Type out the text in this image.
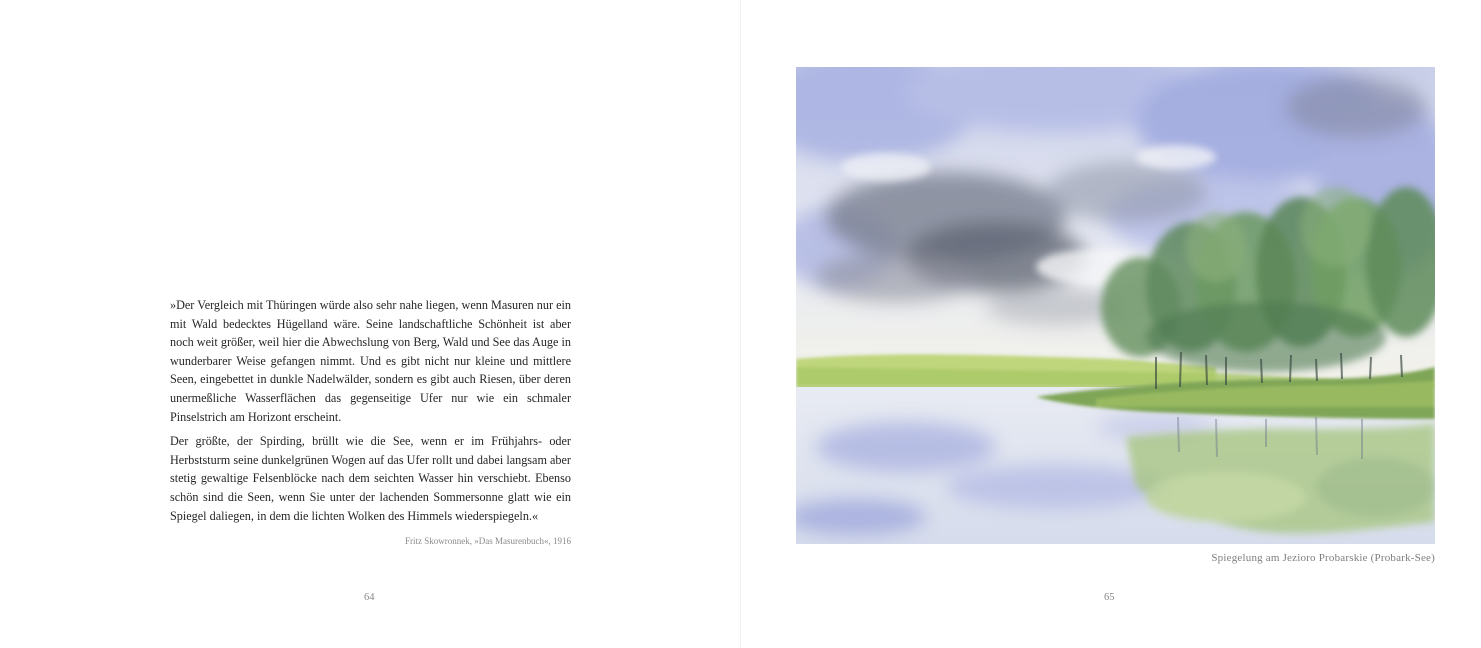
»Der Vergleich mit Thüringen würde also sehr nahe liegen, wenn Masuren nur ein mit Wald bedecktes Hügelland wäre. Seine landschaftliche Schönheit ist aber noch weit größer, weil hier die Abwechslung von Berg, Wald und See das Auge in wunderbarer Weise gefangen nimmt. Und es gibt nicht nur kleine und mittlere Seen, eingebettet in dunkle Nadelwälder, sondern es gibt auch Riesen, über deren unermeßliche Wasserflächen das gegenseitige Ufer nur wie ein schmaler Pinselstrich am Horizont erscheint.

Der größte, der Spirding, brüllt wie die See, wenn er im Frühjahrs- oder Herbststurm seine dunkelgrünen Wogen auf das Ufer rollt und dabei langsam aber stetig gewaltige Felsenblöcke nach dem seichten Wasser hin verschiebt. Ebenso schön sind die Seen, wenn Sie unter der lachenden Sommersonne glatt wie ein Spiegel daliegen, in dem die lichten Wolken des Himmels wiederspiegeln.«

Fritz Skowronnek, »Das Masurenbuch«, 1916
64
Spiegelung am Jezioro Probarskie (Probark-See)
65
